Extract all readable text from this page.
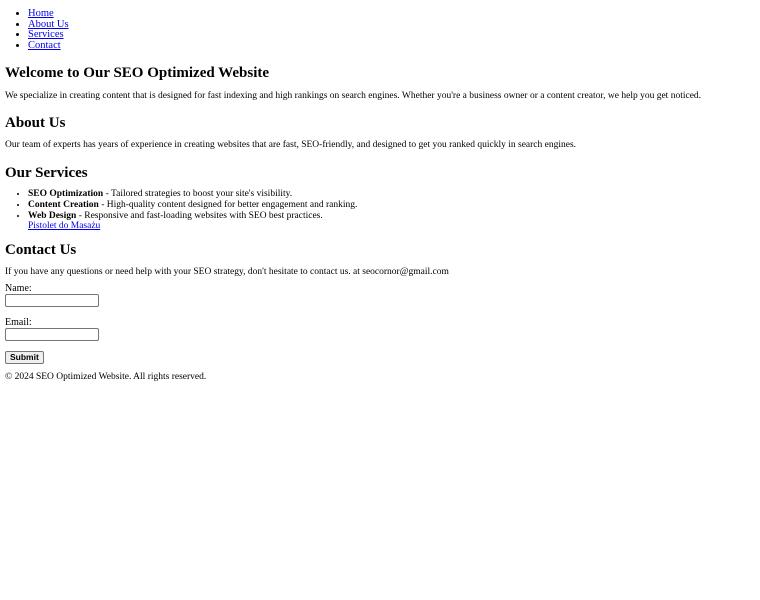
• Home
• About Us
• Services
• Contact
Welcome to Our SEO Optimized Website

We specialize in creating content that is designed for fast indexing and high rankings on search engines. Whether you're a business owner or a content creator, we help you get noticed.

About Us

Our team of experts has years of experience in creating websites that are fast, SEO-friendly, and designed to get you ranked quickly in search engines.

Our Services
• SEO Optimization - Tailored strategies to boost your site's visibility.
• Content Creation - High-quality content designed for better engagement and ranking.
• Web Design - Responsive and fast-loading websites with SEO best practices.
Pistolet do Masażu
Contact Us

If you have any questions or need help with your SEO strategy, don't hesitate to contact us. at seocornor@gmail.com

Name:
Email:
Submit
© 2024 SEO Optimized Website. All rights reserved.
